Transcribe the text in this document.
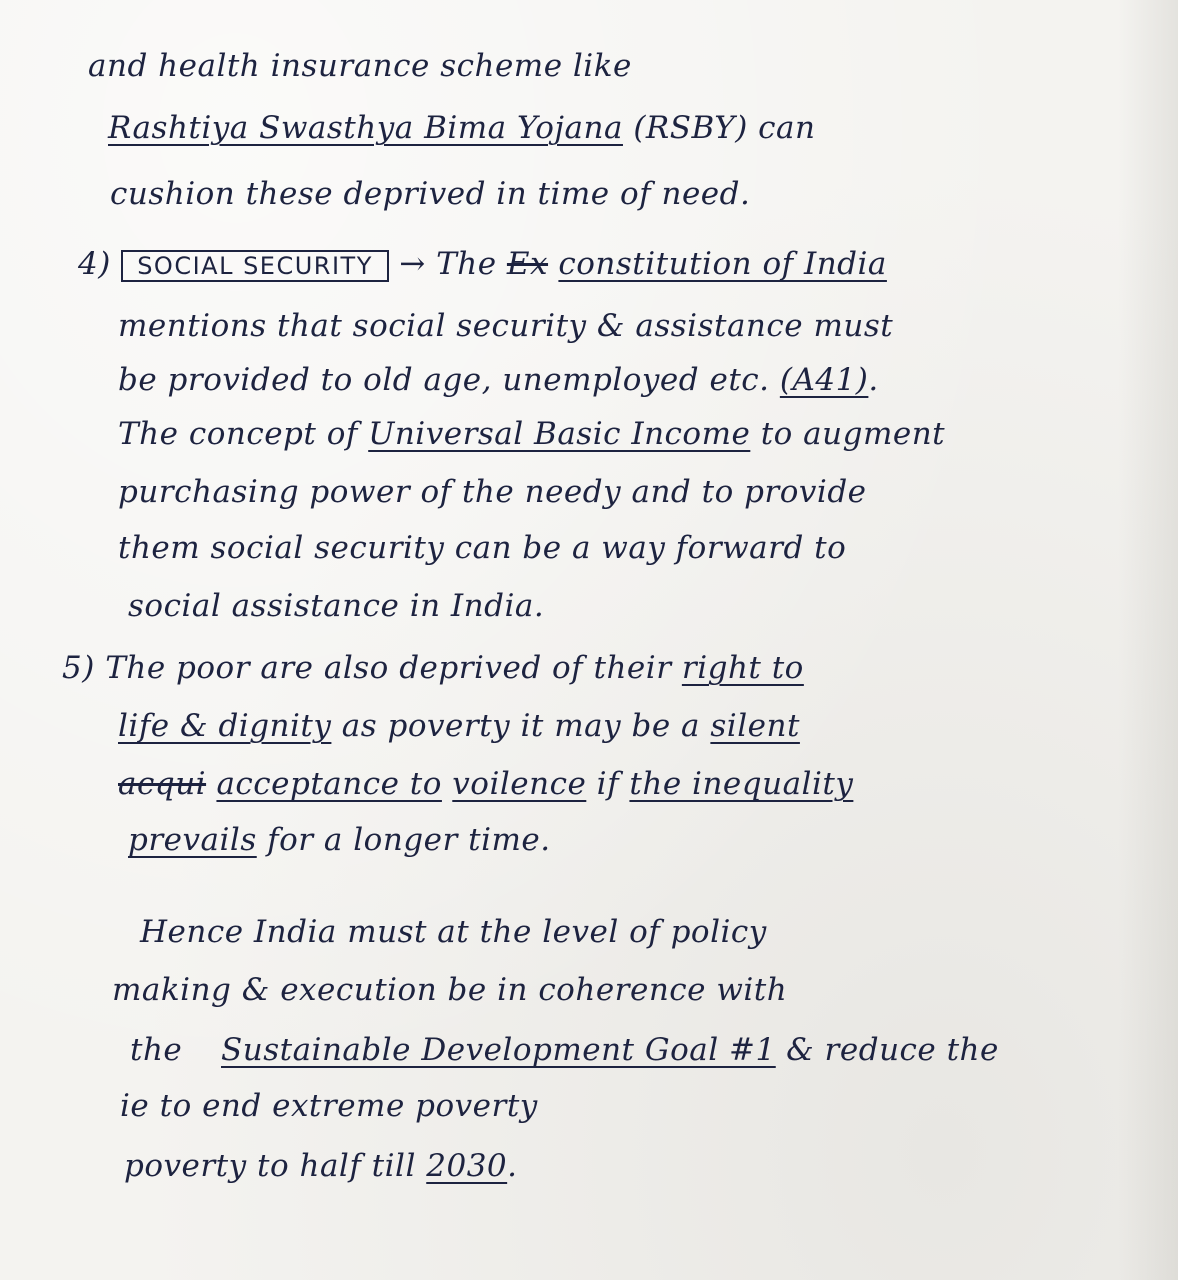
and health insurance scheme like
Rashtiya Swasthya Bima Yojana (RSBY) can
cushion these deprived in time of need.
4) SOCIAL SECURITY → The Ex constitution of India
mentions that social security & assistance must
be provided to old age, unemployed etc. (A41).
The concept of Universal Basic Income to augment
purchasing power of the needy and to provide
them social security can be a way forward to
social assistance in India.
5) The poor are also deprived of their right to
life & dignity as poverty it may be a silent
acqui acceptance to voilence if the inequality
prevails for a longer time.
Hence India must at the level of policy
making & execution be in coherence with
the Sustainable Development Goal #1 & reduce the
ie to end extreme poverty
poverty to half till 2030.
